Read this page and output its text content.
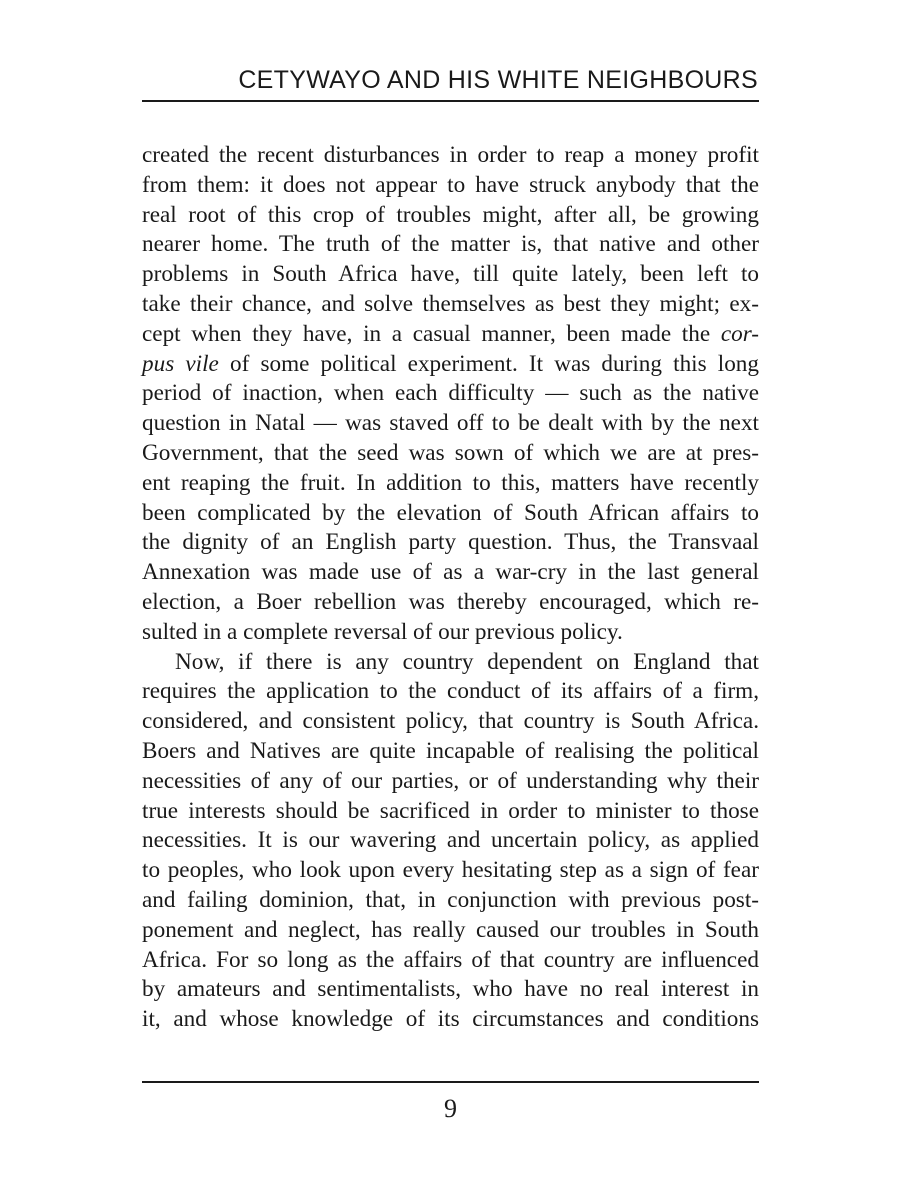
CETYWAYO AND HIS WHITE NEIGHBOURS
created the recent disturbances in order to reap a money profit
from them: it does not appear to have struck anybody that the
real root of this crop of troubles might, after all, be growing
nearer home. The truth of the matter is, that native and other
problems in South Africa have, till quite lately, been left to
take their chance, and solve themselves as best they might; ex-
cept when they have, in a casual manner, been made the cor-
pus vile of some political experiment. It was during this long
period of inaction, when each difficulty — such as the native
question in Natal — was staved off to be dealt with by the next
Government, that the seed was sown of which we are at pres-
ent reaping the fruit. In addition to this, matters have recently
been complicated by the elevation of South African affairs to
the dignity of an English party question. Thus, the Transvaal
Annexation was made use of as a war-cry in the last general
election, a Boer rebellion was thereby encouraged, which re-
sulted in a complete reversal of our previous policy.
Now, if there is any country dependent on England that
requires the application to the conduct of its affairs of a firm,
considered, and consistent policy, that country is South Africa.
Boers and Natives are quite incapable of realising the political
necessities of any of our parties, or of understanding why their
true interests should be sacrificed in order to minister to those
necessities. It is our wavering and uncertain policy, as applied
to peoples, who look upon every hesitating step as a sign of fear
and failing dominion, that, in conjunction with previous post-
ponement and neglect, has really caused our troubles in South
Africa. For so long as the affairs of that country are influenced
by amateurs and sentimentalists, who have no real interest in
it, and whose knowledge of its circumstances and conditions
9
